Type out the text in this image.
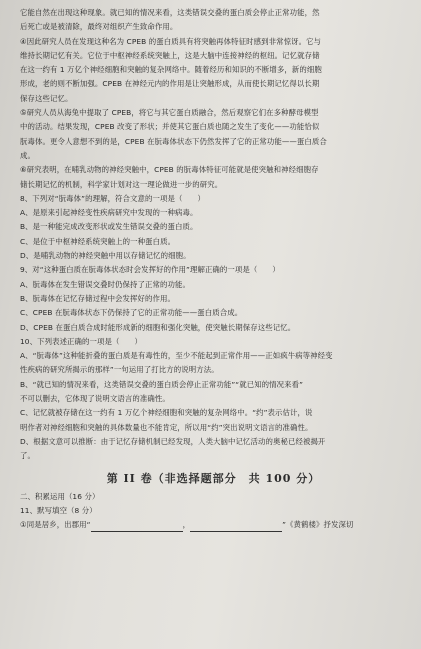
它能自然在出现这种现象。就已知的情况来看，这类错误交叠的蛋白质会停止正常功能，然
后死亡或是被清除，最终对组织产生致命作用。
④因此研究人员在发现这种名为 CPEB 的蛋白质具有将突触再体特征时感到非常惊讶。它与
维持长期记忆有关。它位于中枢神经系统突触上，这是大脑中连接神经的枢纽。记忆就存储
在这一约有 1 万亿个神经细胞和突触的复杂网络中。随着经历和知识的不断增多，新的细胞
形成，老的则不断加强。CPEB 在神经元内的作用是让突触形成，从而使长期记忆得以长期
保存这些记忆。
⑤研究人员从海兔中提取了 CPEB，将它与其它蛋白质融合，然后观察它们在多种酵母模型
中的活动。结果发现，CPEB 改变了形状；并使其它蛋白质也随之发生了变化——功能恰似
朊毒体。更令人意想不到的是，CPEB 在朊毒体状态下仍然发挥了它的正常功能——蛋白质合
成。
⑥研究表明，在哺乳动物的神经突触中，CPEB 的朊毒体特征可能就是使突触和神经细胞存
储长期记忆的机制，科学家计划对这一理论做进一步的研究。
8、下列对“朊毒体”的理解，符合文意的一项是（　　）
A、是原来引起神经变性疾病研究中发现的一种病毒。
B、是一种能完成改变形状或发生错误交叠的蛋白质。
C、是位于中枢神经系统突触上的一种蛋白质。
D、是哺乳动物的神经突触中用以存储记忆的细胞。
9、对“这种蛋白质在朊毒体状态时会发挥好的作用”理解正确的一项是（　　）
A、朊毒体在发生错误交叠时仍保持了正常的功能。
B、朊毒体在记忆存储过程中会发挥好的作用。
C、CPEB 在朊毒体状态下仍保持了它的正常功能——蛋白质合成。
D、CPEB 在蛋白质合成时能形成新的细胞和强化突触，使突触长期保存这些记忆。
10、下列表述正确的一项是（　　）
A、“朊毒体”这种能折叠的蛋白质是有毒性的，至少不能起到正常作用——正如疯牛病等神经变
性疾病的研究所揭示的那样”一句运用了打比方的说明方法。
B、“就已知的情况来看，这类错误交叠的蛋白质会停止正常功能”“就已知的情况来看”
不可以删去，它体现了说明文语言的准确性。
C、记忆就被存储在这一约有 1 万亿个神经细胞和突触的复杂网络中。“约”表示估计，说
明作者对神经细胞和突触的具体数量也不能肯定，所以用“约”突出说明文语言的准确性。
D、根据文意可以推断：由于记忆存储机制已经发现，人类大脑中记忆活动的奥秘已经被揭开
了。
第 II 卷（非选择题部分　共 100 分）
二、积累运用（16 分）
11、默写填空（8 分）
①同是居乡，出郡用“	，	”《黄鹤楼》抒发深切
